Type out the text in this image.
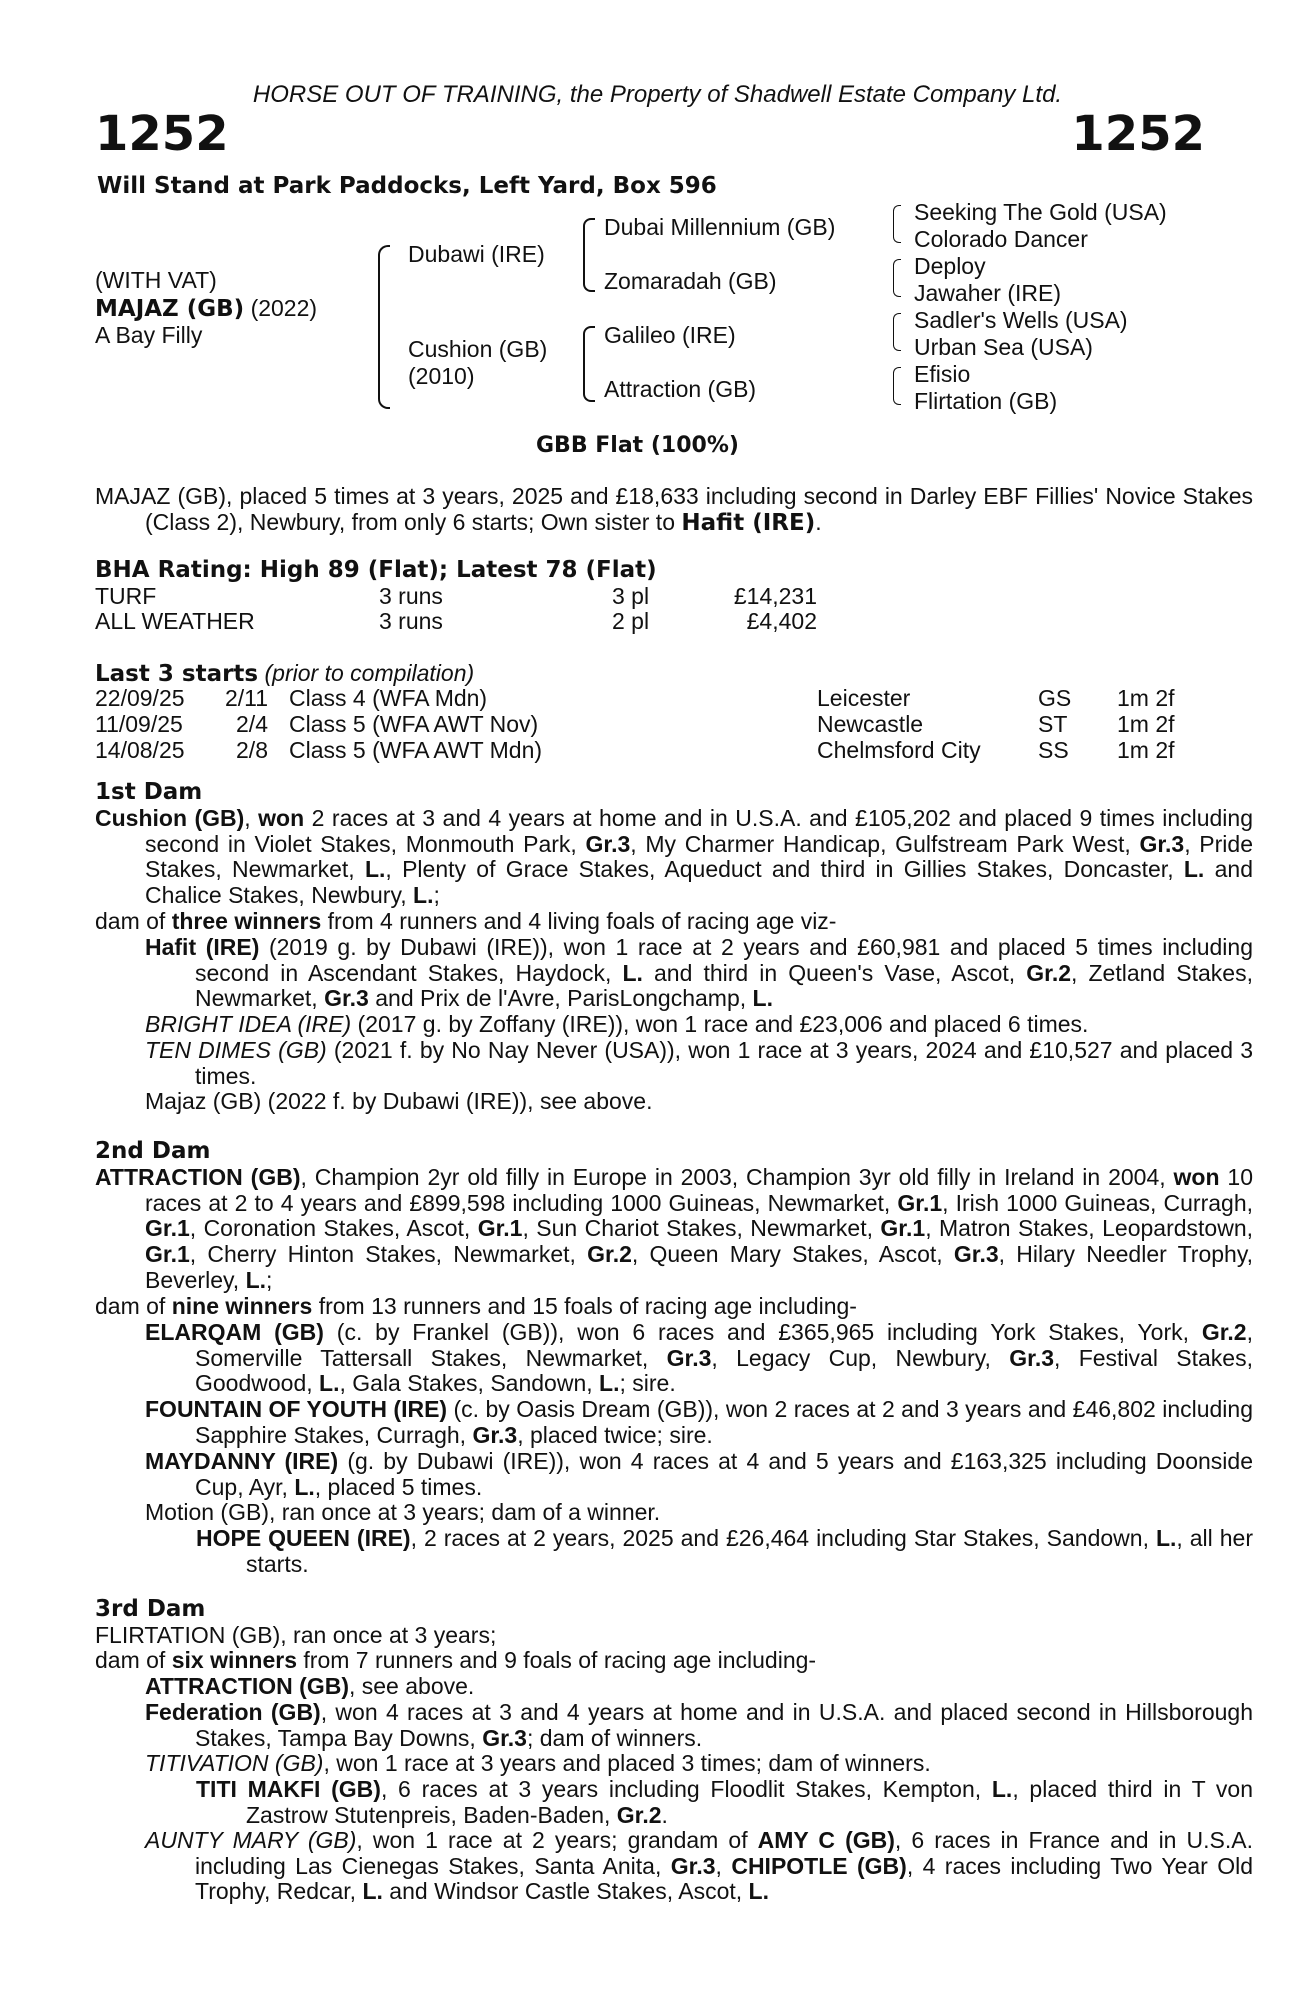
HORSE OUT OF TRAINING, the Property of Shadwell Estate Company Ltd.
1252	1252
Will Stand at Park Paddocks, Left Yard, Box 596
(WITH VAT)
MAJAZ (GB) (2022)
A Bay Filly
Dubawi (IRE)
Cushion (GB)
(2010)
Dubai Millennium (GB)
Zomaradah (GB)
Galileo (IRE)
Attraction (GB)
Seeking The Gold (USA)
Colorado Dancer
Deploy
Jawaher (IRE)
Sadler's Wells (USA)
Urban Sea (USA)
Efisio
Flirtation (GB)
GBB Flat (100%)
MAJAZ (GB), placed 5 times at 3 years, 2025 and £18,633 including second in Darley EBF Fillies' Novice Stakes (Class 2), Newbury, from only 6 starts; Own sister to Hafit (IRE).
BHA Rating: High 89 (Flat); Latest 78 (Flat)
TURF	3 runs	3 pl	£14,231
ALL WEATHER	3 runs	2 pl	£4,402
Last 3 starts (prior to compilation)
22/09/25 2/11 Class 4 (WFA Mdn)	Leicester	GS 1m 2f
11/09/25 2/4 Class 5 (WFA AWT Nov)	Newcastle	ST 1m 2f
14/08/25 2/8 Class 5 (WFA AWT Mdn)	Chelmsford City SS 1m 2f
1st Dam
Cushion (GB), won 2 races at 3 and 4 years at home and in U.S.A. and £105,202 and placed 9 times including second in Violet Stakes, Monmouth Park, Gr.3, My Charmer Handicap, Gulfstream Park West, Gr.3, Pride Stakes, Newmarket, L., Plenty of Grace Stakes, Aqueduct and third in Gillies Stakes, Doncaster, L. and Chalice Stakes, Newbury, L.;
dam of three winners from 4 runners and 4 living foals of racing age viz-
Hafit (IRE) (2019 g. by Dubawi (IRE)), won 1 race at 2 years and £60,981 and placed 5 times including second in Ascendant Stakes, Haydock, L. and third in Queen's Vase, Ascot, Gr.2, Zetland Stakes, Newmarket, Gr.3 and Prix de l'Avre, ParisLongchamp, L.
BRIGHT IDEA (IRE) (2017 g. by Zoffany (IRE)), won 1 race and £23,006 and placed 6 times.
TEN DIMES (GB) (2021 f. by No Nay Never (USA)), won 1 race at 3 years, 2024 and £10,527 and placed 3 times.
Majaz (GB) (2022 f. by Dubawi (IRE)), see above.
2nd Dam
ATTRACTION (GB), Champion 2yr old filly in Europe in 2003, Champion 3yr old filly in Ireland in 2004, won 10 races at 2 to 4 years and £899,598 including 1000 Guineas, Newmarket, Gr.1, Irish 1000 Guineas, Curragh, Gr.1, Coronation Stakes, Ascot, Gr.1, Sun Chariot Stakes, Newmarket, Gr.1, Matron Stakes, Leopardstown, Gr.1, Cherry Hinton Stakes, Newmarket, Gr.2, Queen Mary Stakes, Ascot, Gr.3, Hilary Needler Trophy, Beverley, L.;
dam of nine winners from 13 runners and 15 foals of racing age including-
ELARQAM (GB) (c. by Frankel (GB)), won 6 races and £365,965 including York Stakes, York, Gr.2, Somerville Tattersall Stakes, Newmarket, Gr.3, Legacy Cup, Newbury, Gr.3, Festival Stakes, Goodwood, L., Gala Stakes, Sandown, L.; sire.
FOUNTAIN OF YOUTH (IRE) (c. by Oasis Dream (GB)), won 2 races at 2 and 3 years and £46,802 including Sapphire Stakes, Curragh, Gr.3, placed twice; sire.
MAYDANNY (IRE) (g. by Dubawi (IRE)), won 4 races at 4 and 5 years and £163,325 including Doonside Cup, Ayr, L., placed 5 times.
Motion (GB), ran once at 3 years; dam of a winner.
HOPE QUEEN (IRE), 2 races at 2 years, 2025 and £26,464 including Star Stakes, Sandown, L., all her starts.
3rd Dam
FLIRTATION (GB), ran once at 3 years;
dam of six winners from 7 runners and 9 foals of racing age including-
ATTRACTION (GB), see above.
Federation (GB), won 4 races at 3 and 4 years at home and in U.S.A. and placed second in Hillsborough Stakes, Tampa Bay Downs, Gr.3; dam of winners.
TITIVATION (GB), won 1 race at 3 years and placed 3 times; dam of winners.
TITI MAKFI (GB), 6 races at 3 years including Floodlit Stakes, Kempton, L., placed third in T von Zastrow Stutenpreis, Baden-Baden, Gr.2.
AUNTY MARY (GB), won 1 race at 2 years; grandam of AMY C (GB), 6 races in France and in U.S.A. including Las Cienegas Stakes, Santa Anita, Gr.3, CHIPOTLE (GB), 4 races including Two Year Old Trophy, Redcar, L. and Windsor Castle Stakes, Ascot, L.
